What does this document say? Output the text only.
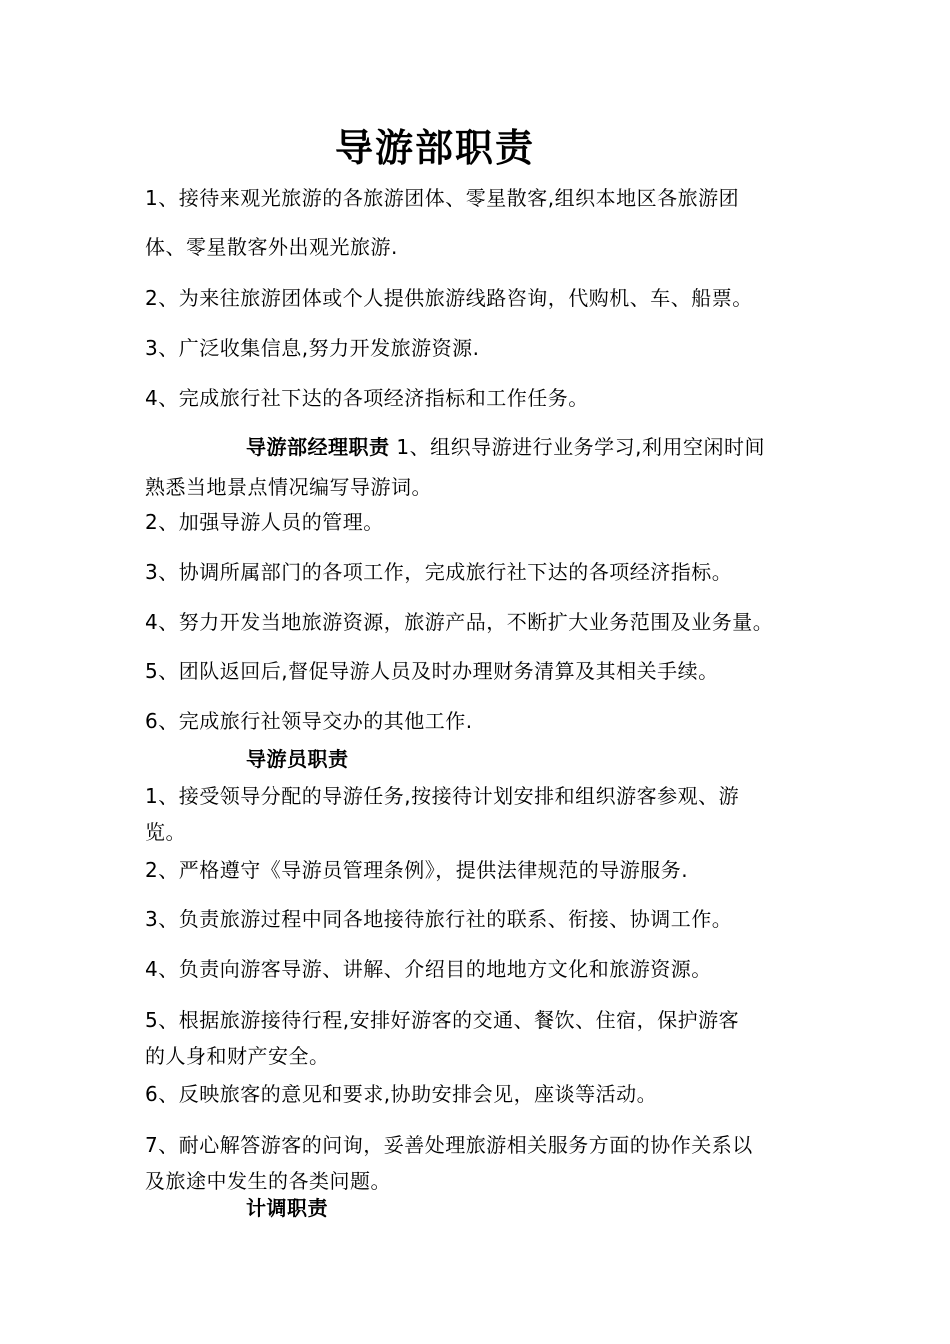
导游部职责
1、接待来观光旅游的各旅游团体、零星散客,组织本地区各旅游团
体、零星散客外出观光旅游.
2、为来往旅游团体或个人提供旅游线路咨询，代购机、车、船票。
3、广泛收集信息,努力开发旅游资源.
4、完成旅行社下达的各项经济指标和工作任务。
导游部经理职责 1、组织导游进行业务学习,利用空闲时间
熟悉当地景点情况编写导游词。
2、加强导游人员的管理。
3、协调所属部门的各项工作，完成旅行社下达的各项经济指标。
4、努力开发当地旅游资源，旅游产品，不断扩大业务范围及业务量。
5、团队返回后,督促导游人员及时办理财务清算及其相关手续。
6、完成旅行社领导交办的其他工作.
导游员职责
1、接受领导分配的导游任务,按接待计划安排和组织游客参观、游
览。
2、严格遵守《导游员管理条例》，提供法律规范的导游服务.
3、负责旅游过程中同各地接待旅行社的联系、衔接、协调工作。
4、负责向游客导游、讲解、介绍目的地地方文化和旅游资源。
5、根据旅游接待行程,安排好游客的交通、餐饮、住宿，保护游客
的人身和财产安全。
6、反映旅客的意见和要求,协助安排会见，座谈等活动。
7、耐心解答游客的问询，妥善处理旅游相关服务方面的协作关系以
及旅途中发生的各类问题。
计调职责
